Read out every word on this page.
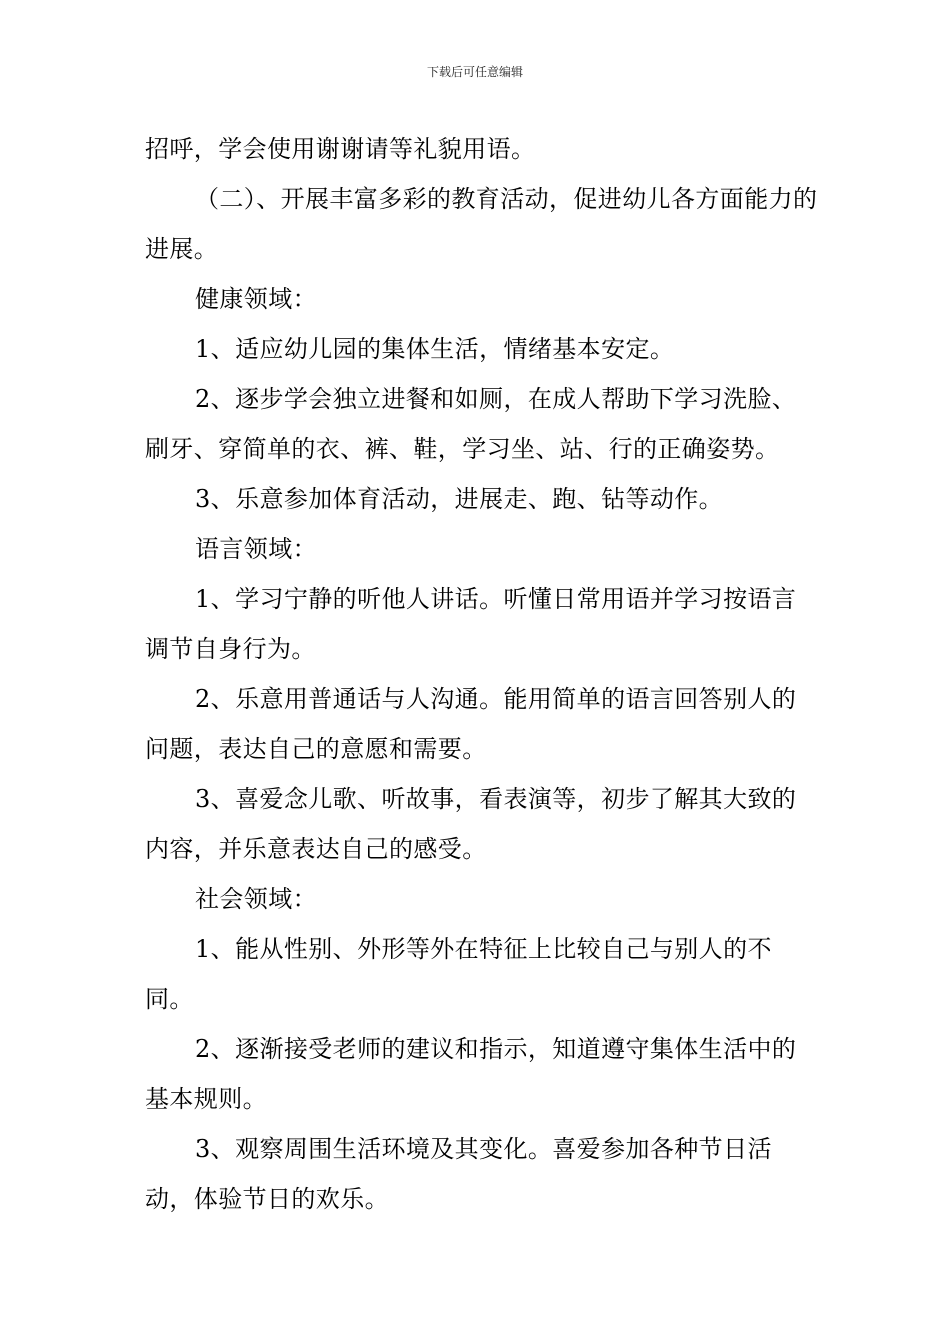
下载后可任意编辑

招呼，学会使用谢谢请等礼貌用语。

（二）、开展丰富多彩的教育活动，促进幼儿各方面能力的进展。

健康领域：

1、适应幼儿园的集体生活，情绪基本安定。

2、逐步学会独立进餐和如厕，在成人帮助下学习洗脸、刷牙、穿简单的衣、裤、鞋，学习坐、站、行的正确姿势。

3、乐意参加体育活动，进展走、跑、钻等动作。

语言领域：

1、学习宁静的听他人讲话。听懂日常用语并学习按语言调节自身行为。

2、乐意用普通话与人沟通。能用简单的语言回答别人的问题，表达自己的意愿和需要。

3、喜爱念儿歌、听故事，看表演等，初步了解其大致的内容，并乐意表达自己的感受。

社会领域：

1、能从性别、外形等外在特征上比较自己与别人的不同。

2、逐渐接受老师的建议和指示，知道遵守集体生活中的基本规则。

3、观察周围生活环境及其变化。喜爱参加各种节日活动，体验节日的欢乐。
